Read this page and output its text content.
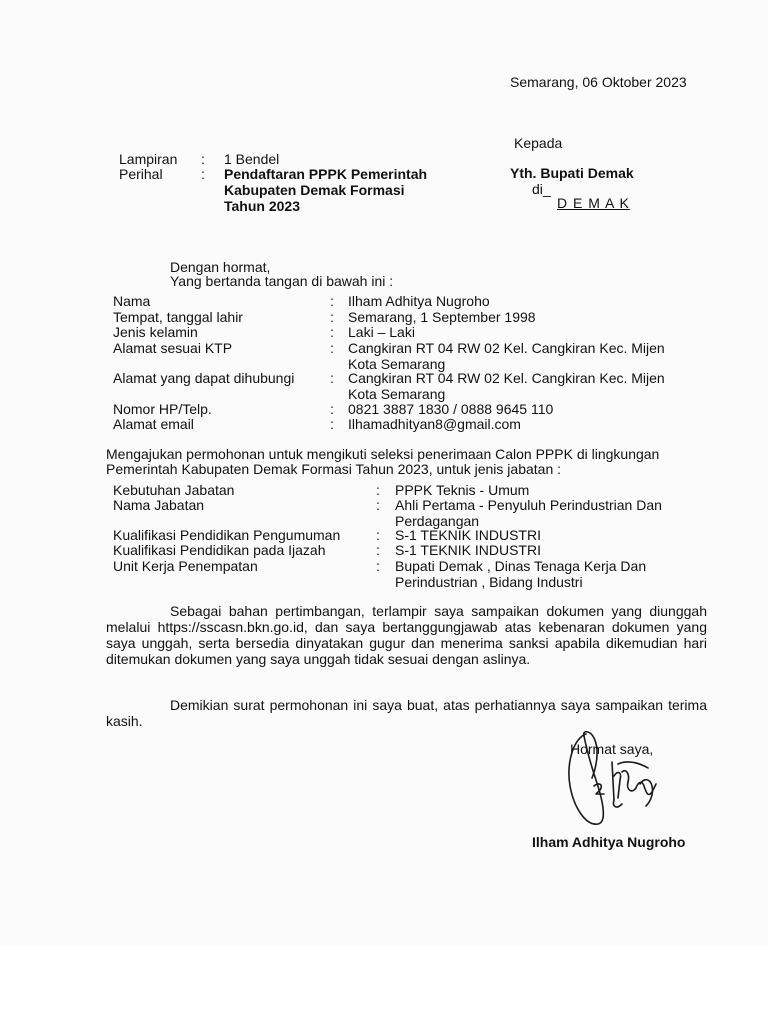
Semarang, 06 Oktober 2023
Kepada
Yth. Bupati Demak
di_
D E M A K
Lampiran : 1 Bendel
Perihal	: Pendaftaran PPPK Pemerintah
Kabupaten Demak Formasi
Tahun 2023
Dengan hormat,
Yang bertanda tangan di bawah ini :
Nama	: Ilham Adhitya Nugroho
Tempat, tanggal lahir	: Semarang, 1 September 1998
Jenis kelamin	: Laki – Laki
Alamat sesuai KTP	: Cangkiran RT 04 RW 02 Kel. Cangkiran Kec. Mijen
Kota Semarang
Alamat yang dapat dihubungi	: Cangkiran RT 04 RW 02 Kel. Cangkiran Kec. Mijen
Kota Semarang
Nomor HP/Telp.	: 0821 3887 1830 / 0888 9645 110
Alamat email	: Ilhamadhityan8@gmail.com
Mengajukan permohonan untuk mengikuti seleksi penerimaan Calon PPPK di lingkungan
Pemerintah Kabupaten Demak Formasi Tahun 2023, untuk jenis jabatan :
Kebutuhan Jabatan	: PPPK Teknis - Umum
Nama Jabatan	: Ahli Pertama - Penyuluh Perindustrian Dan
Perdagangan
Kualifikasi Pendidikan Pengumuman	: S-1 TEKNIK INDUSTRI
Kualifikasi Pendidikan pada Ijazah	: S-1 TEKNIK INDUSTRI
Unit Kerja Penempatan	: Bupati Demak , Dinas Tenaga Kerja Dan
Perindustrian , Bidang Industri
Sebagai bahan pertimbangan, terlampir saya sampaikan dokumen yang diunggah melalui https://sscasn.bkn.go.id, dan saya bertanggungjawab atas kebenaran dokumen yang saya unggah, serta bersedia dinyatakan gugur dan menerima sanksi apabila dikemudian hari ditemukan dokumen yang saya unggah tidak sesuai dengan aslinya.
Demikian surat permohonan ini saya buat, atas perhatiannya saya sampaikan terima kasih.
Hormat saya,
Ilham Adhitya Nugroho
